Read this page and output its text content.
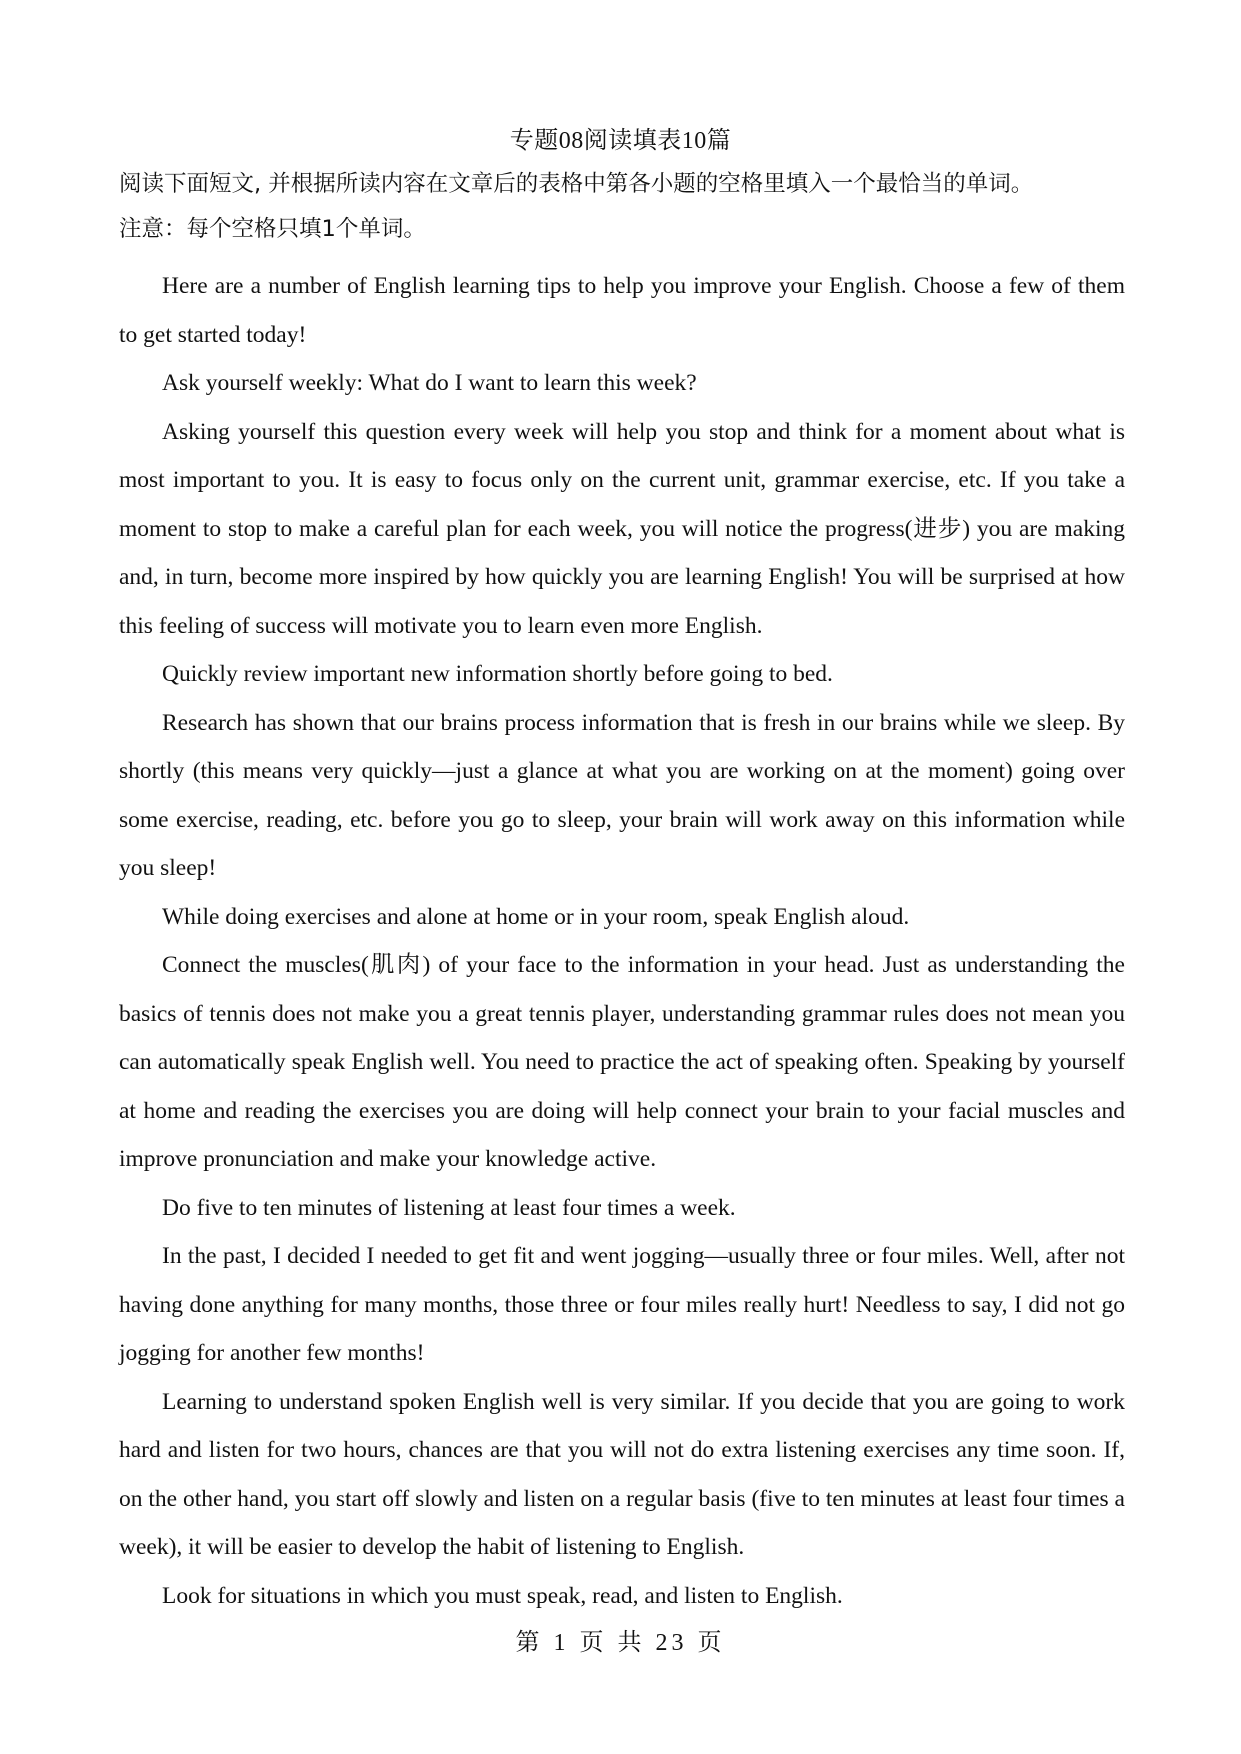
专题08阅读填表10篇
阅读下面短文, 并根据所读内容在文章后的表格中第各小题的空格里填入一个最恰当的单词。
注意：每个空格只填1个单词。

Here are a number of English learning tips to help you improve your English. Choose a few of them to get started today!

Ask yourself weekly: What do I want to learn this week?

Asking yourself this question every week will help you stop and think for a moment about what is most important to you. It is easy to focus only on the current unit, grammar exercise, etc. If you take a moment to stop to make a careful plan for each week, you will notice the progress(进步) you are making and, in turn, become more inspired by how quickly you are learning English! You will be surprised at how this feeling of success will motivate you to learn even more English.

Quickly review important new information shortly before going to bed.

Research has shown that our brains process information that is fresh in our brains while we sleep. By shortly (this means very quickly—just a glance at what you are working on at the moment) going over some exercise, reading, etc. before you go to sleep, your brain will work away on this information while you sleep!

While doing exercises and alone at home or in your room, speak English aloud.

Connect the muscles(肌肉) of your face to the information in your head. Just as understanding the basics of tennis does not make you a great tennis player, understanding grammar rules does not mean you can automatically speak English well. You need to practice the act of speaking often. Speaking by yourself at home and reading the exercises you are doing will help connect your brain to your facial muscles and improve pronunciation and make your knowledge active.

Do five to ten minutes of listening at least four times a week.

In the past, I decided I needed to get fit and went jogging—usually three or four miles. Well, after not having done anything for many months, those three or four miles really hurt! Needless to say, I did not go jogging for another few months!

Learning to understand spoken English well is very similar. If you decide that you are going to work hard and listen for two hours, chances are that you will not do extra listening exercises any time soon. If, on the other hand, you start off slowly and listen on a regular basis (five to ten minutes at least four times a week), it will be easier to develop the habit of listening to English.

Look for situations in which you must speak, read, and listen to English.

第 1 页 共 23 页
